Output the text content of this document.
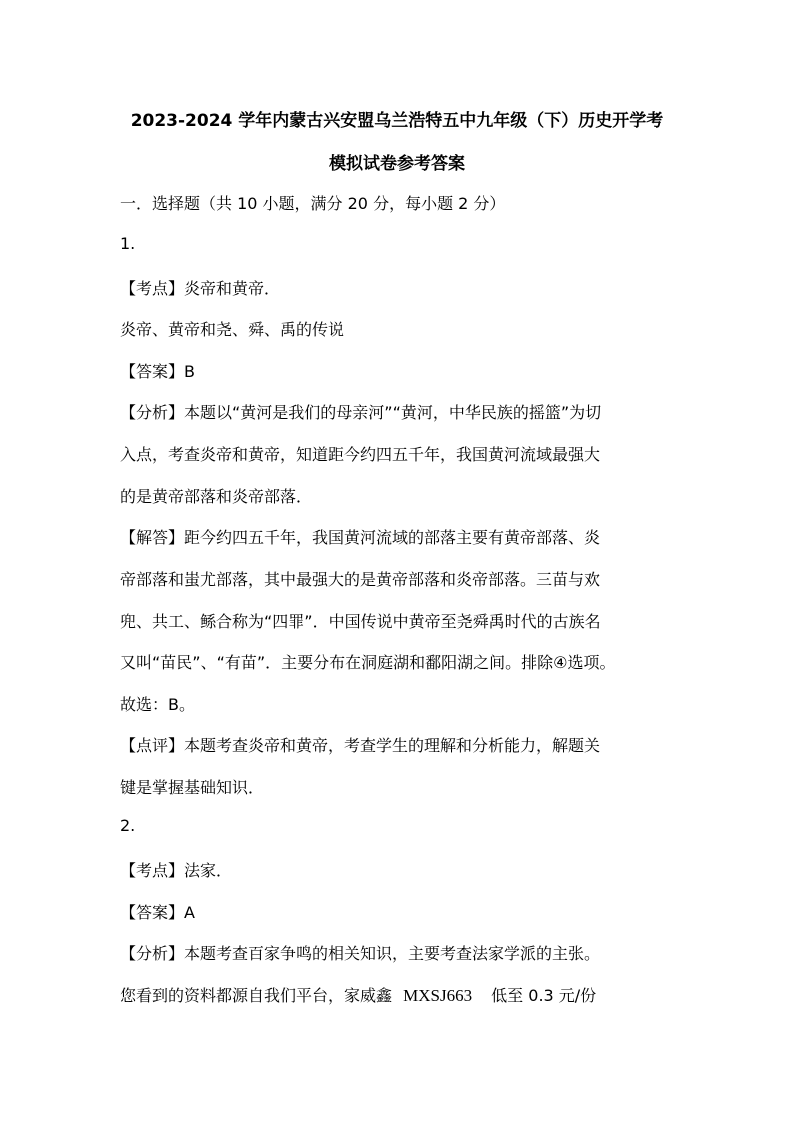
2023-2024 学年内蒙古兴安盟乌兰浩特五中九年级（下）历史开学考
模拟试卷参考答案
一．选择题（共 10 小题，满分 20 分，每小题 2 分）
1.
【考点】炎帝和黄帝．
炎帝、黄帝和尧、舜、禹的传说
【答案】B
【分析】本题以“黄河是我们的母亲河”“黄河，中华民族的摇篮”为切
入点，考查炎帝和黄帝，知道距今约四五千年，我国黄河流域最强大
的是黄帝部落和炎帝部落．
【解答】距今约四五千年，我国黄河流域的部落主要有黄帝部落、炎
帝部落和蚩尤部落，其中最强大的是黄帝部落和炎帝部落。三苗与欢
兜、共工、鲧合称为“四罪”．中国传说中黄帝至尧舜禹时代的古族名
又叫“苗民”、“有苗”．主要分布在洞庭湖和鄱阳湖之间。排除④选项。
故选：B。
【点评】本题考查炎帝和黄帝，考查学生的理解和分析能力，解题关
键是掌握基础知识．
2.
【考点】法家．
【答案】A
【分析】本题考查百家争鸣的相关知识，主要考查法家学派的主张。
您看到的资料都源自我们平台，家威鑫 MXSJ663 低至 0.3 元/份
